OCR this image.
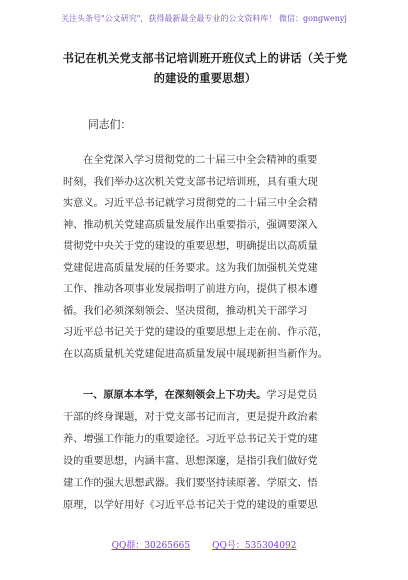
关注头条号"公文研究"，获得最新最全最专业的公文资料库！ 微信：gongwenyj
书记在机关党支部书记培训班开班仪式上的讲话（关于党
的建设的重要思想）

同志们：

在全党深入学习贯彻党的二十届三中全会精神的重要
时刻，我们举办这次机关党支部书记培训班，具有重大现
实意义。习近平总书记就学习贯彻党的二十届三中全会精
神、推动机关党建高质量发展作出重要指示，强调要深入
贯彻党中央关于党的建设的重要思想，明确提出以高质量
党建促进高质量发展的任务要求。这为我们加强机关党建
工作、推动各项事业发展指明了前进方向，提供了根本遵
循。我们必须深刻领会、坚决贯彻，推动机关干部学习
习近平总书记关于党的建设的重要思想上走在前、作示范，
在以高质量机关党建促进高质量发展中展现新担当新作为。

一、原原本本学，在深刻领会上下功夫。学习是党员
干部的终身课题，对于党支部书记而言，更是提升政治素
养、增强工作能力的重要途径。习近平总书记关于党的建
设的重要思想，内涵丰富、思想深邃，是指引我们做好党
建工作的强大思想武器。我们要坚持读原著、学原文、悟
原理，以学好用好《习近平总书记关于党的建设的重要思

QQ群：30265665 QQ号：535304092
